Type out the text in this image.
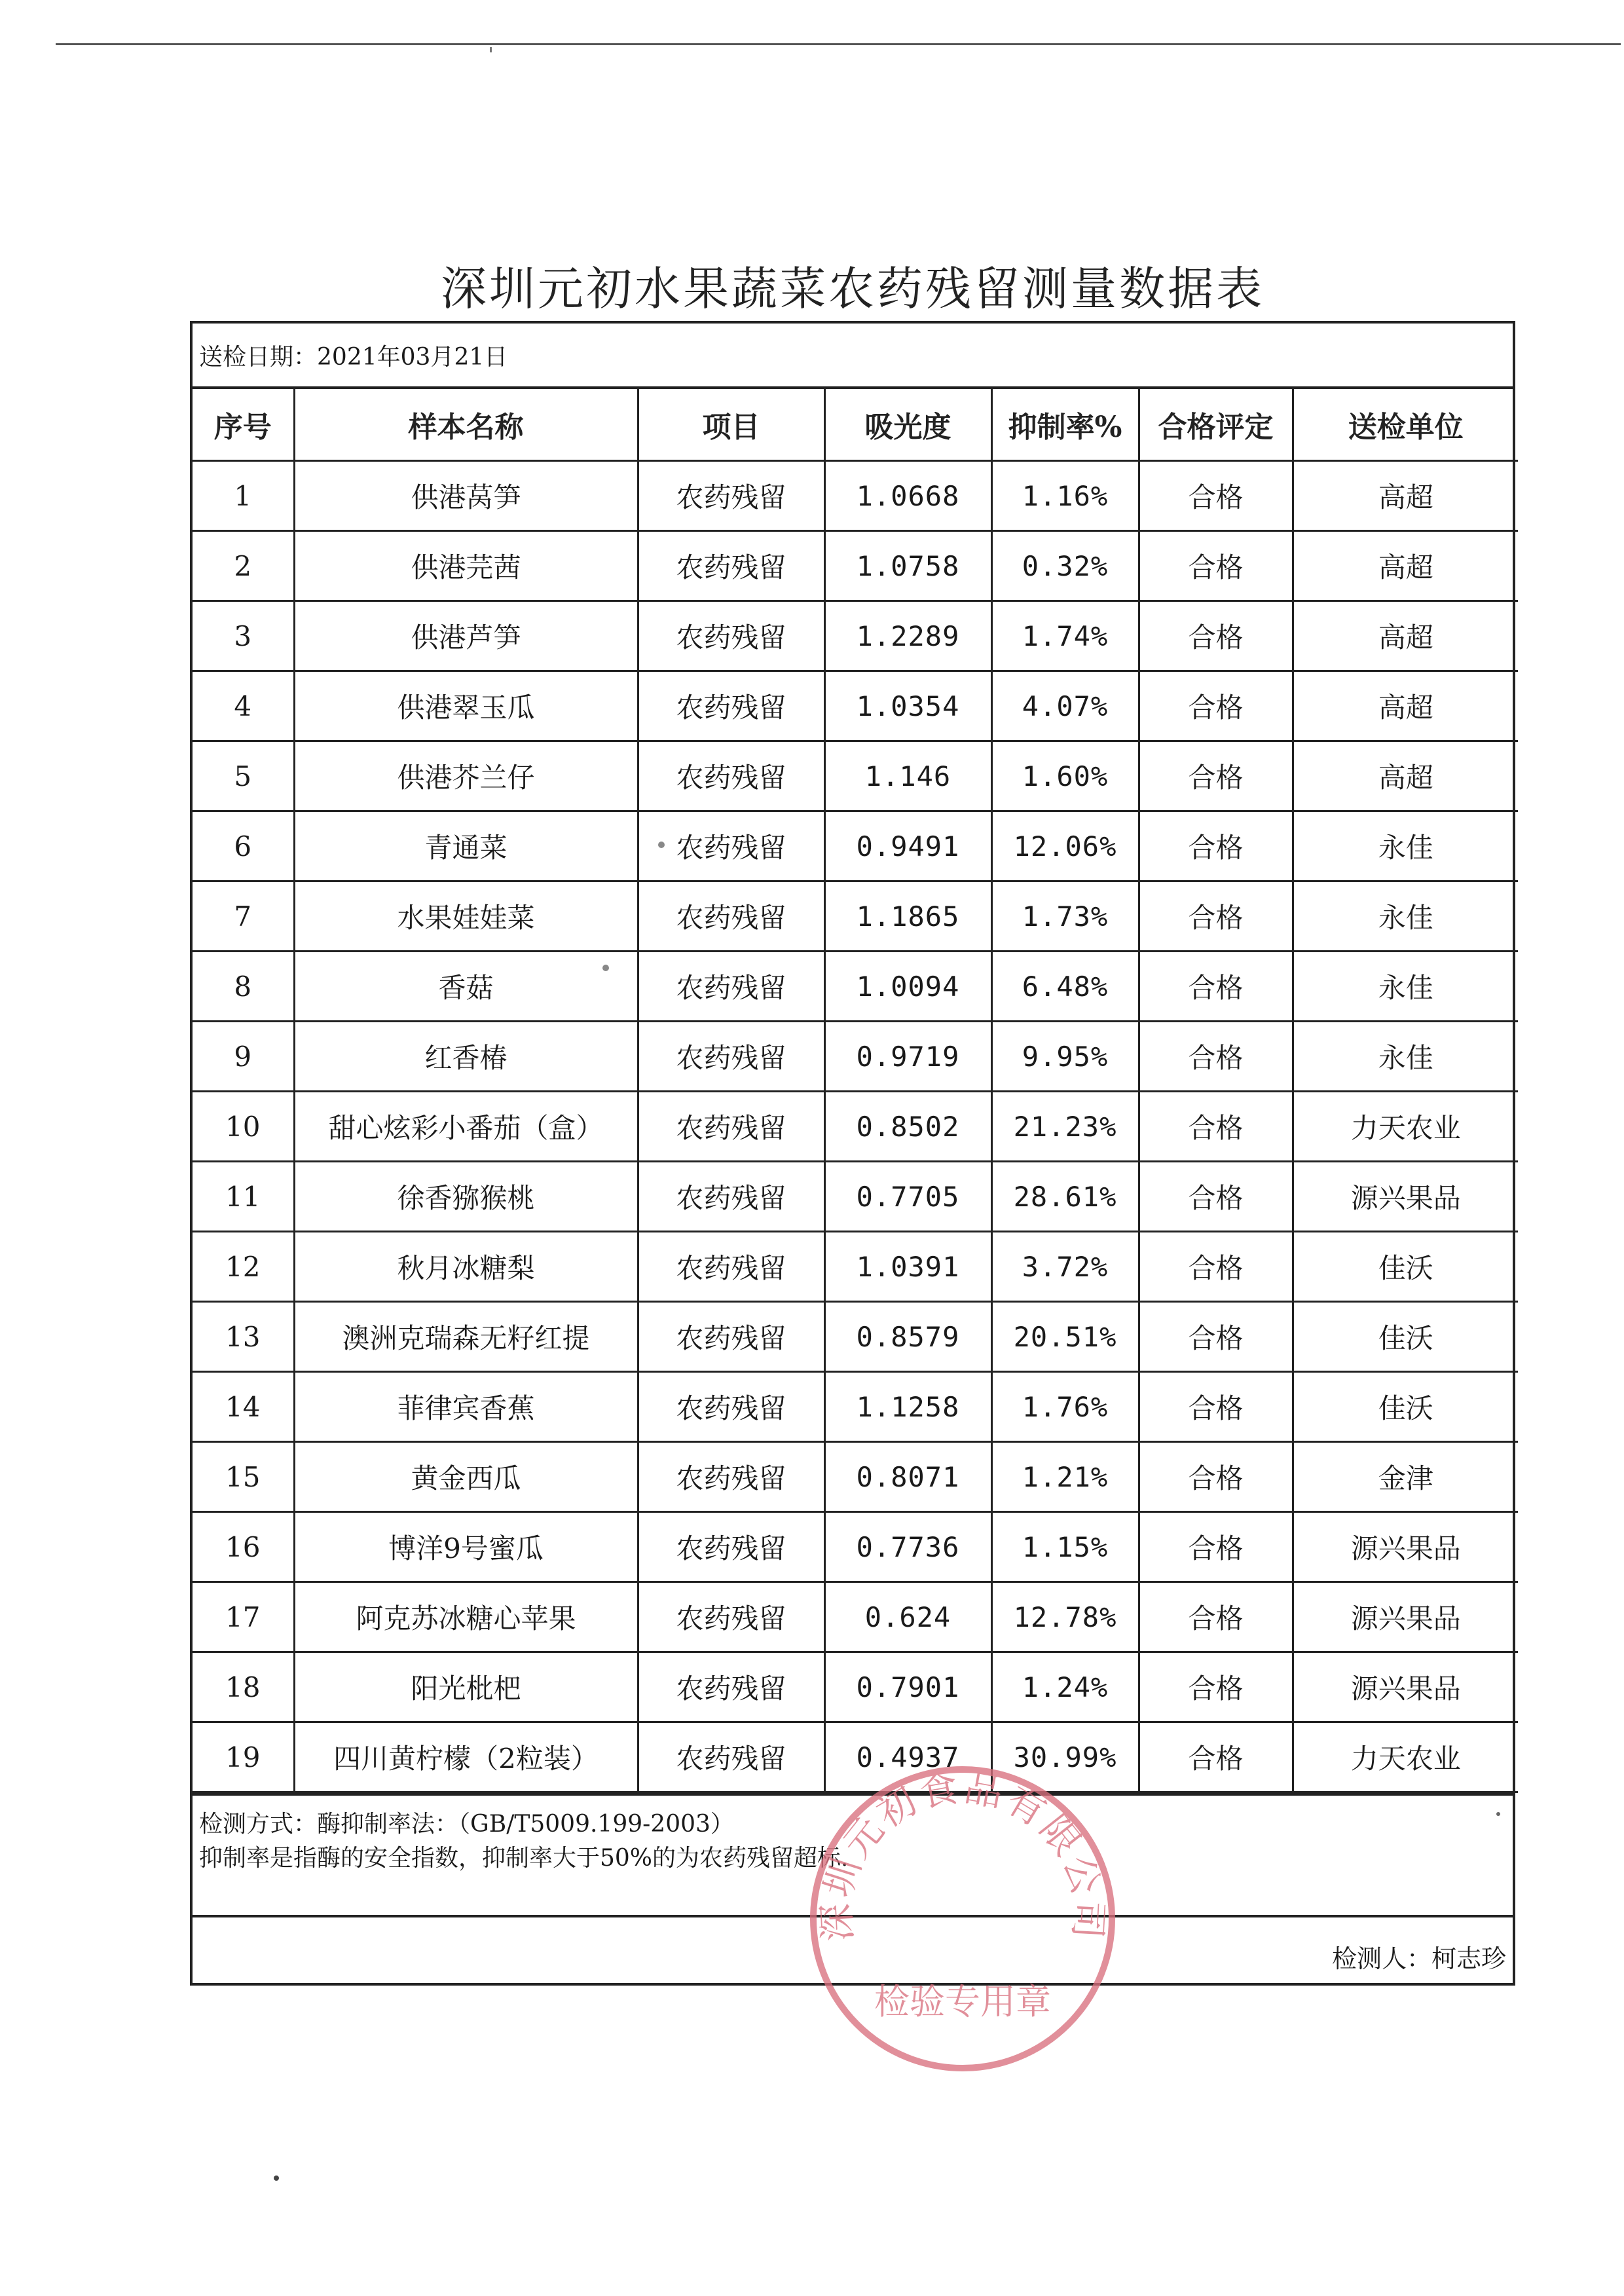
深圳元初水果蔬菜农药残留测量数据表
送检日期： 2021年03月21日
序号	样本名称	项目	吸光度	抑制率%	合格评定	送检单位
1	供港莴笋	农药残留	1.0668	1.16%	合格	高超
2	供港芫茜	农药残留	1.0758	0.32%	合格	高超
3	供港芦笋	农药残留	1.2289	1.74%	合格	高超
4	供港翠玉瓜	农药残留	1.0354	4.07%	合格	高超
5	供港芥兰仔	农药残留	1.146	1.60%	合格	高超
6	青通菜	农药残留	0.9491	12.06%	合格	永佳
7	水果娃娃菜	农药残留	1.1865	1.73%	合格	永佳
8	香菇	农药残留	1.0094	6.48%	合格	永佳
9	红香椿	农药残留	0.9719	9.95%	合格	永佳
10	甜心炫彩小番茄（盒）	农药残留	0.8502	21.23%	合格	力天农业
11	徐香猕猴桃	农药残留	0.7705	28.61%	合格	源兴果品
12	秋月冰糖梨	农药残留	1.0391	3.72%	合格	佳沃
13	澳洲克瑞森无籽红提	农药残留	0.8579	20.51%	合格	佳沃
14	菲律宾香蕉	农药残留	1.1258	1.76%	合格	佳沃
15	黄金西瓜	农药残留	0.8071	1.21%	合格	金津
16	博洋9号蜜瓜	农药残留	0.7736	1.15%	合格	源兴果品
17	阿克苏冰糖心苹果	农药残留	0.624	12.78%	合格	源兴果品
18	阳光枇杷	农药残留	0.7901	1.24%	合格	源兴果品
19	四川黄柠檬（2粒装）	农药残留	0.4937	30.99%	合格	力天农业
检测方式：酶抑制率法：（GB/T5009.199-2003）
抑制率是指酶的安全指数，抑制率大于50%的为农药残留超标.
检测人：柯志珍
深圳元初食品有限公司
检验专用章
